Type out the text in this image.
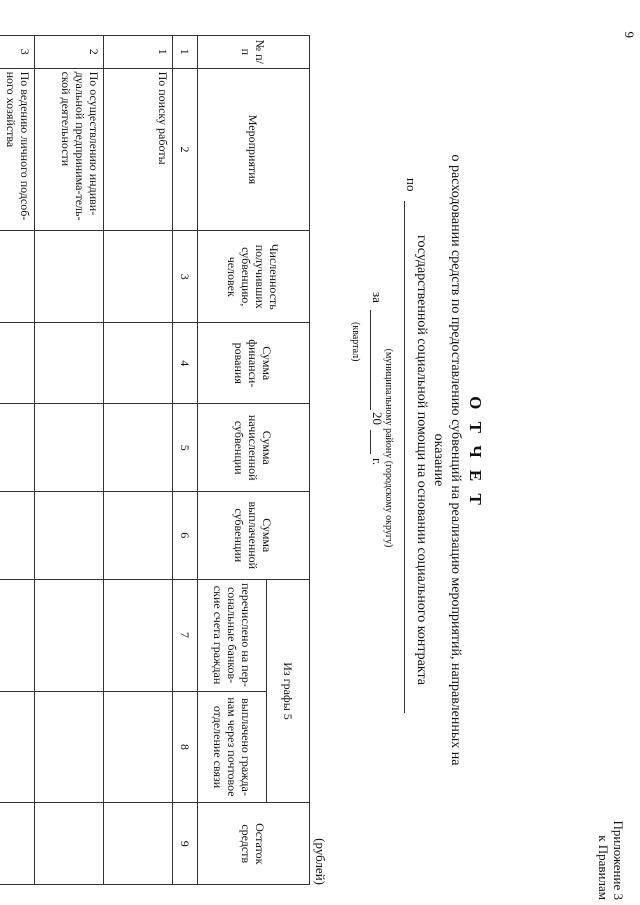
9
Приложение 3
к Правилам
О Т Ч Е Т
о расходовании средств по предоставлению субвенций на реализацию мероприятий, направленных на оказание
государственной социальной помощи на основании социального контракта
по
(муниципальному району (городскому округу)
за
(квартал)
20
г.
(рублей)
№ п/п	Мероприятия	Численность получивших субвенцию, человек	Сумма финанси-рования	Сумма начисленной субвенции	Сумма выплаченной субвенции	Из графы 5		Остаток средств
						перечислено на пер-сональные банков-ские счета граждан	выплачено гражда-нам через почтовое отделение связи	
1	2	3	4	5	6	7	8	9
1	По поиску работы							
2	По осуществлению индиви-дуальной предпринима-тель-ской деятельности							
3	По ведению личного подсоб-ного хозяйства							
